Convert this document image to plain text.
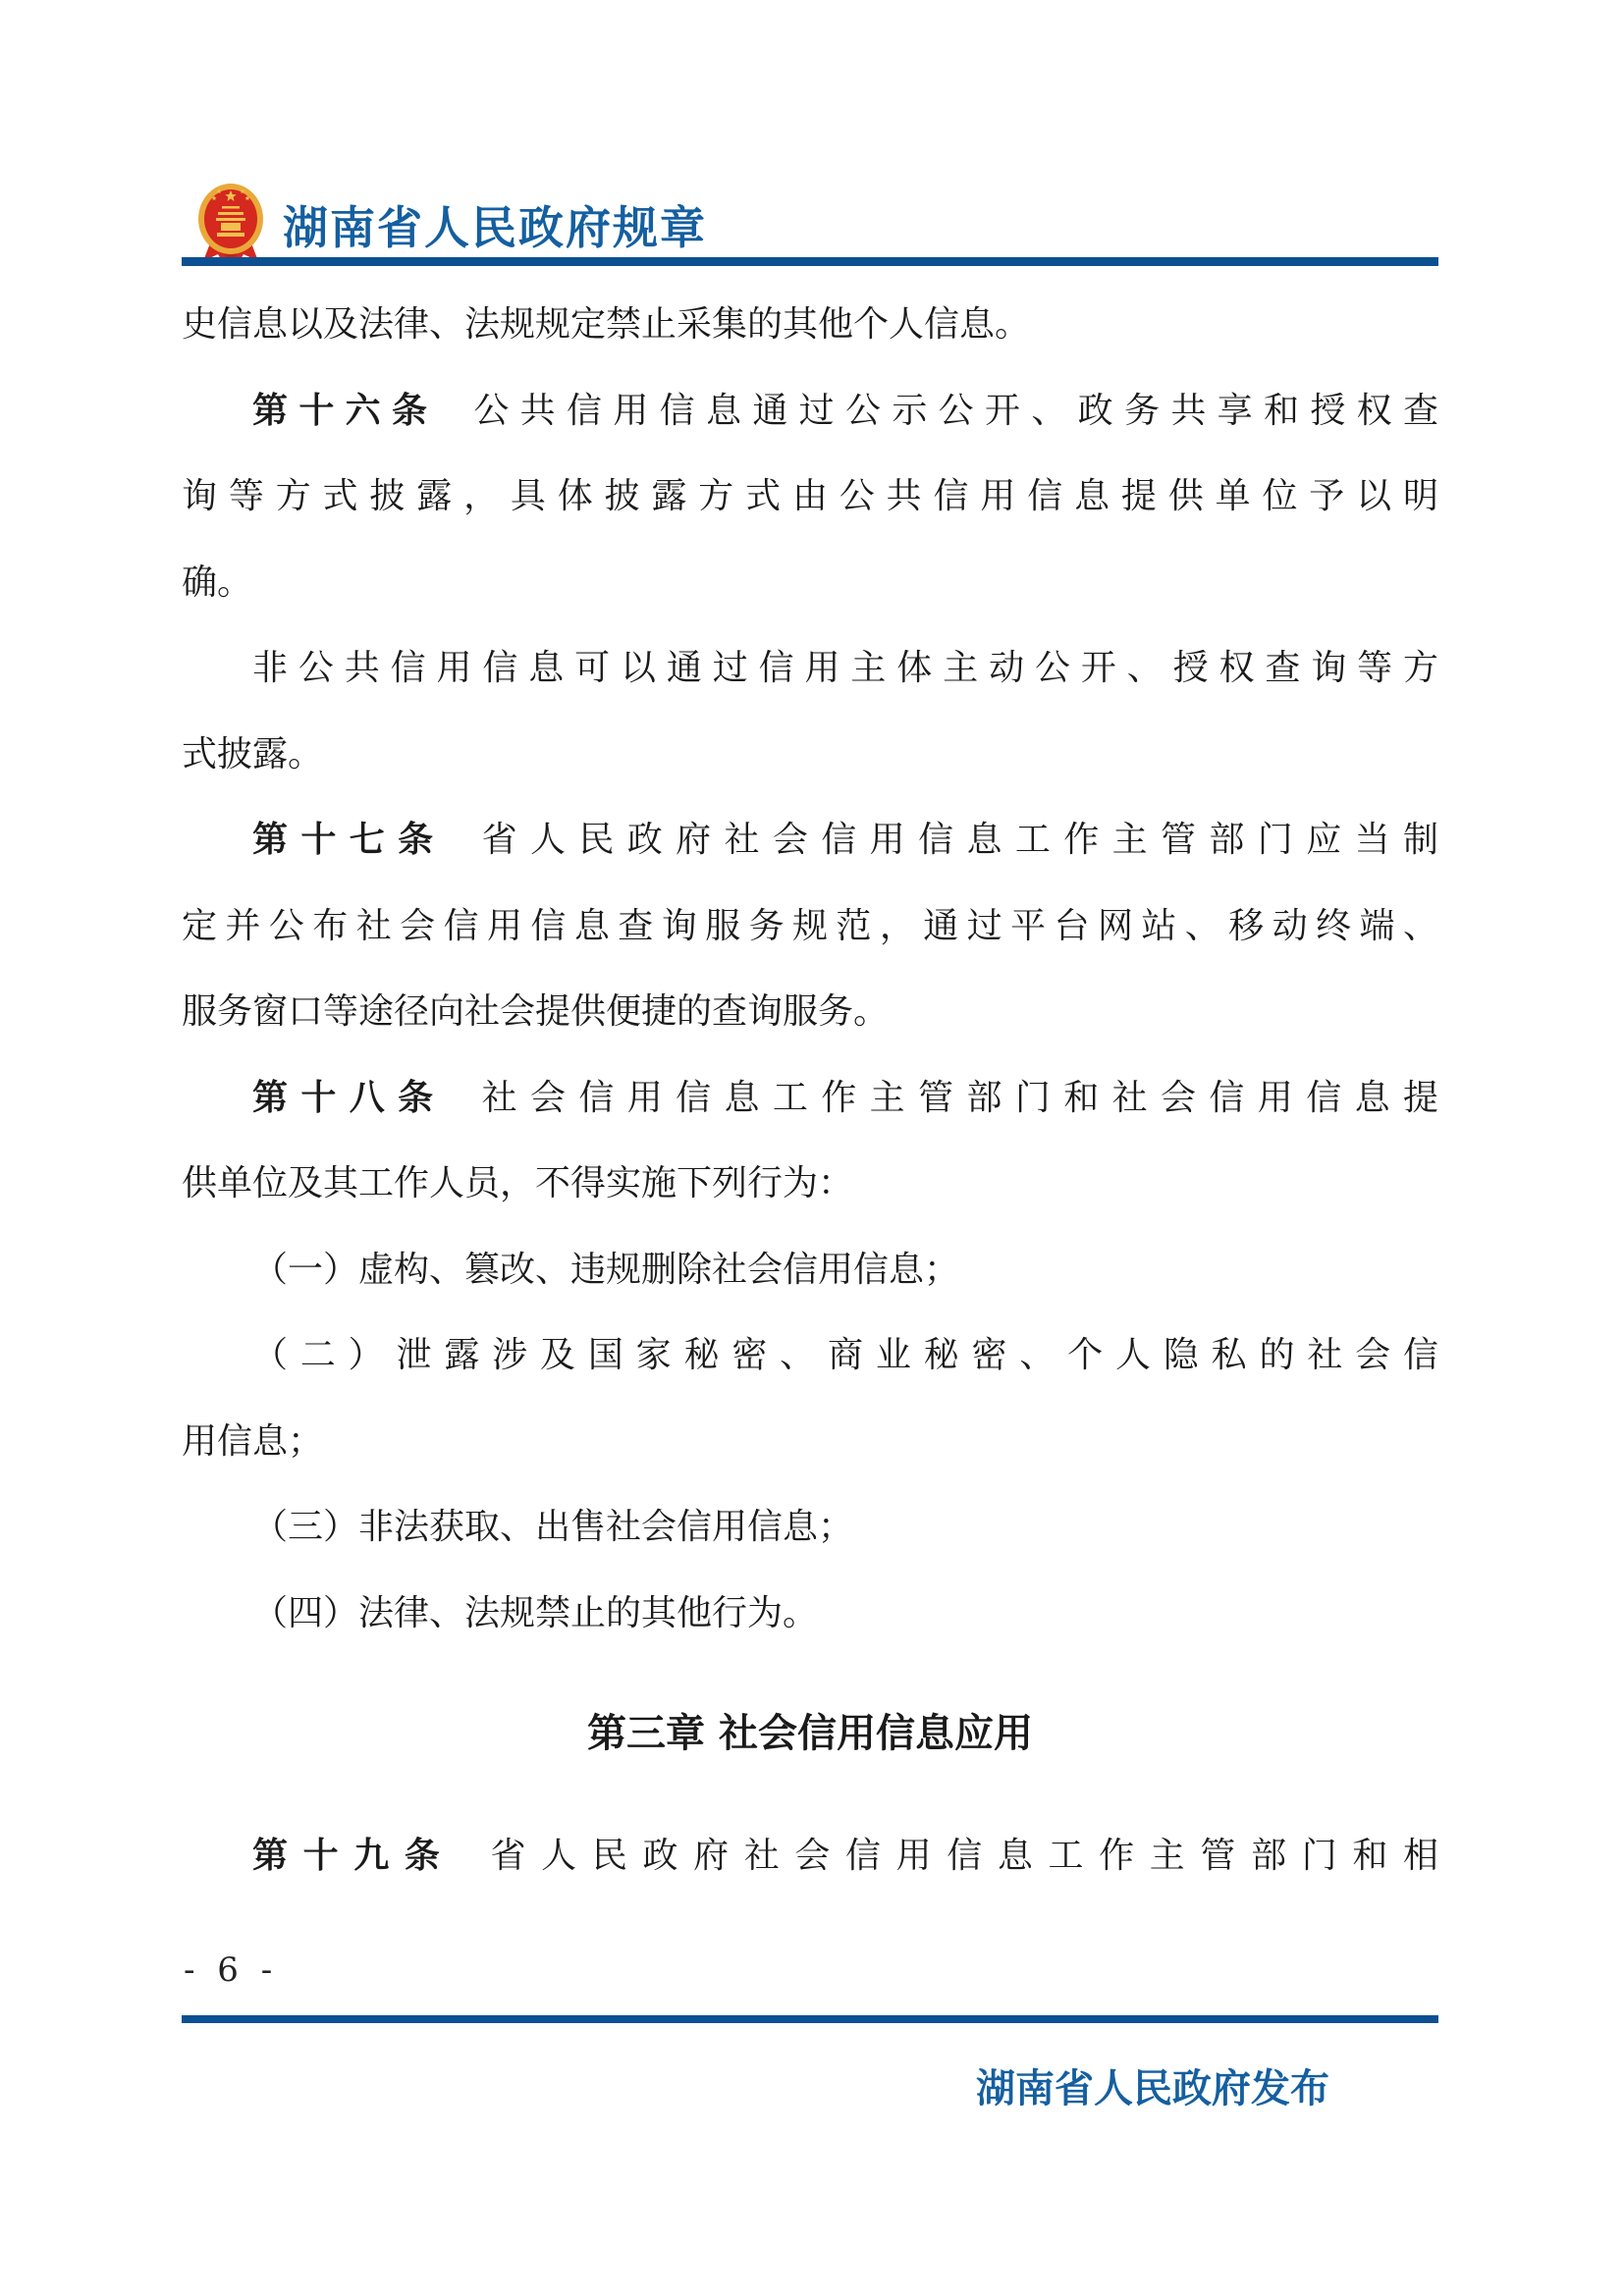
湖南省人民政府规章
史信息以及法律、法规规定禁止采集的其他个人信息。
第十六条 公共信用信息通过公示公开、政务共享和授权查
询等方式披露，具体披露方式由公共信用信息提供单位予以明
确。
非公共信用信息可以通过信用主体主动公开、授权查询等方
式披露。
第十七条 省人民政府社会信用信息工作主管部门应当制
定并公布社会信用信息查询服务规范，通过平台网站、移动终端、
服务窗口等途径向社会提供便捷的查询服务。
第十八条 社会信用信息工作主管部门和社会信用信息提
供单位及其工作人员，不得实施下列行为：
（一）虚构、篡改、违规删除社会信用信息；
（二）泄露涉及国家秘密、商业秘密、个人隐私的社会信
用信息；
（三）非法获取、出售社会信用信息；
（四）法律、法规禁止的其他行为。
第三章 社会信用信息应用
第十九条 省人民政府社会信用信息工作主管部门和相
- 6 -
湖南省人民政府发布
